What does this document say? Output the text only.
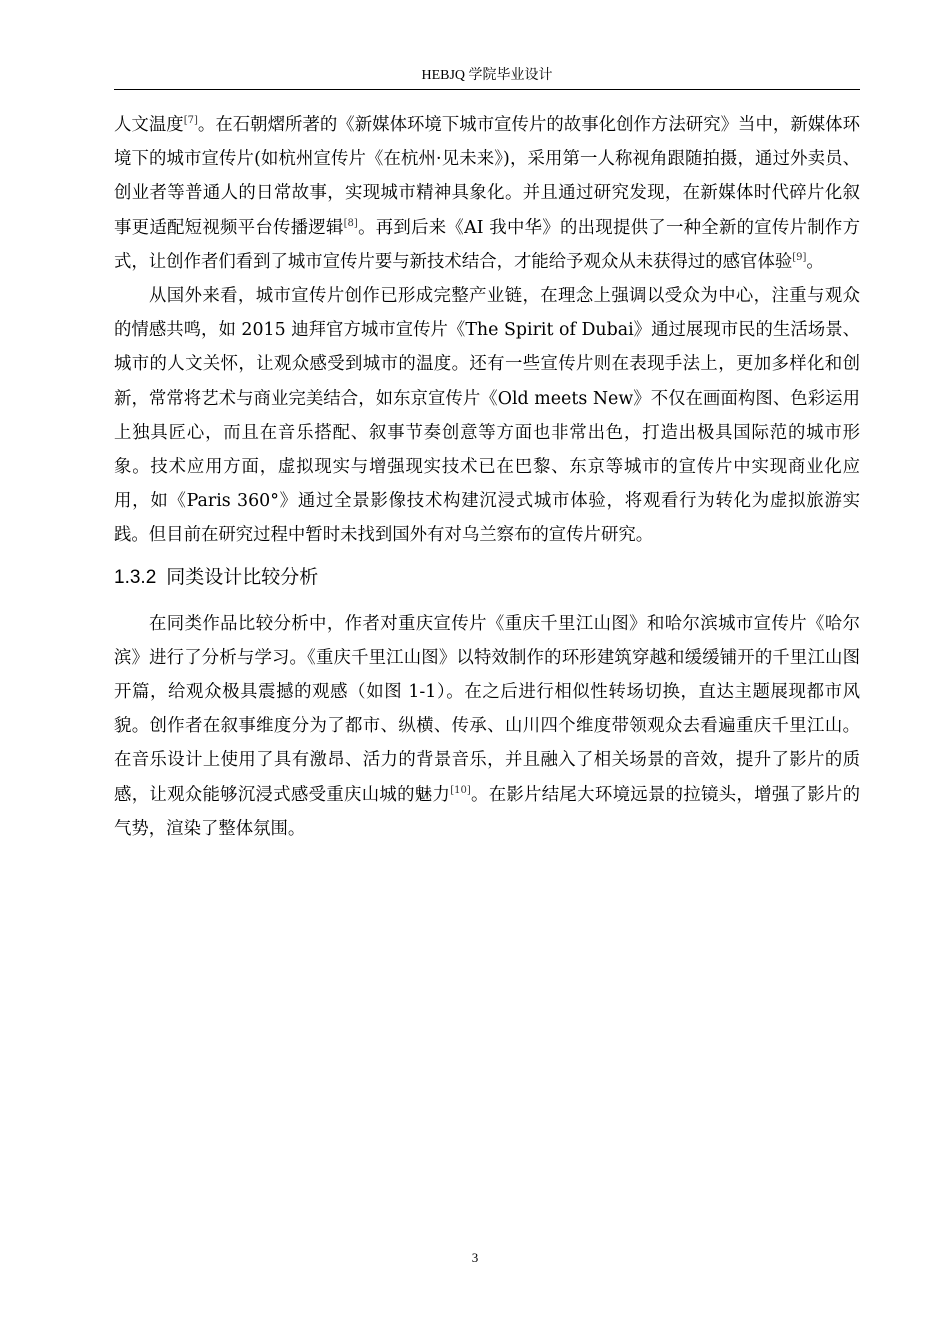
HEBJQ 学院毕业设计

人文温度[7]。在石朝熠所著的《新媒体环境下城市宣传片的故事化创作方法研究》当中，新媒体环境下的城市宣传片(如杭州宣传片《在杭州·见未来》)，采用第一人称视角跟随拍摄，通过外卖员、创业者等普通人的日常故事，实现城市精神具象化。并且通过研究发现，在新媒体时代碎片化叙事更适配短视频平台传播逻辑[8]。再到后来《AI 我中华》的出现提供了一种全新的宣传片制作方式，让创作者们看到了城市宣传片要与新技术结合，才能给予观众从未获得过的感官体验[9]。

从国外来看，城市宣传片创作已形成完整产业链，在理念上强调以受众为中心，注重与观众的情感共鸣，如 2015 迪拜官方城市宣传片《The Spirit of Dubai》通过展现市民的生活场景、城市的人文关怀，让观众感受到城市的温度。还有一些宣传片则在表现手法上，更加多样化和创新，常常将艺术与商业完美结合，如东京宣传片《Old meets New》不仅在画面构图、色彩运用上独具匠心，而且在音乐搭配、叙事节奏创意等方面也非常出色，打造出极具国际范的城市形象。技术应用方面，虚拟现实与增强现实技术已在巴黎、东京等城市的宣传片中实现商业化应用，如《Paris 360°》通过全景影像技术构建沉浸式城市体验，将观看行为转化为虚拟旅游实践。但目前在研究过程中暂时未找到国外有对乌兰察布的宣传片研究。

1.3.2 同类设计比较分析

在同类作品比较分析中，作者对重庆宣传片《重庆千里江山图》和哈尔滨城市宣传片《哈尔滨》进行了分析与学习。《重庆千里江山图》以特效制作的环形建筑穿越和缓缓铺开的千里江山图开篇，给观众极具震撼的观感（如图 1-1）。在之后进行相似性转场切换，直达主题展现都市风貌。创作者在叙事维度分为了都市、纵横、传承、山川四个维度带领观众去看遍重庆千里江山。在音乐设计上使用了具有激昂、活力的背景音乐，并且融入了相关场景的音效，提升了影片的质感，让观众能够沉浸式感受重庆山城的魅力[10]。在影片结尾大环境远景的拉镜头，增强了影片的气势，渲染了整体氛围。

3
